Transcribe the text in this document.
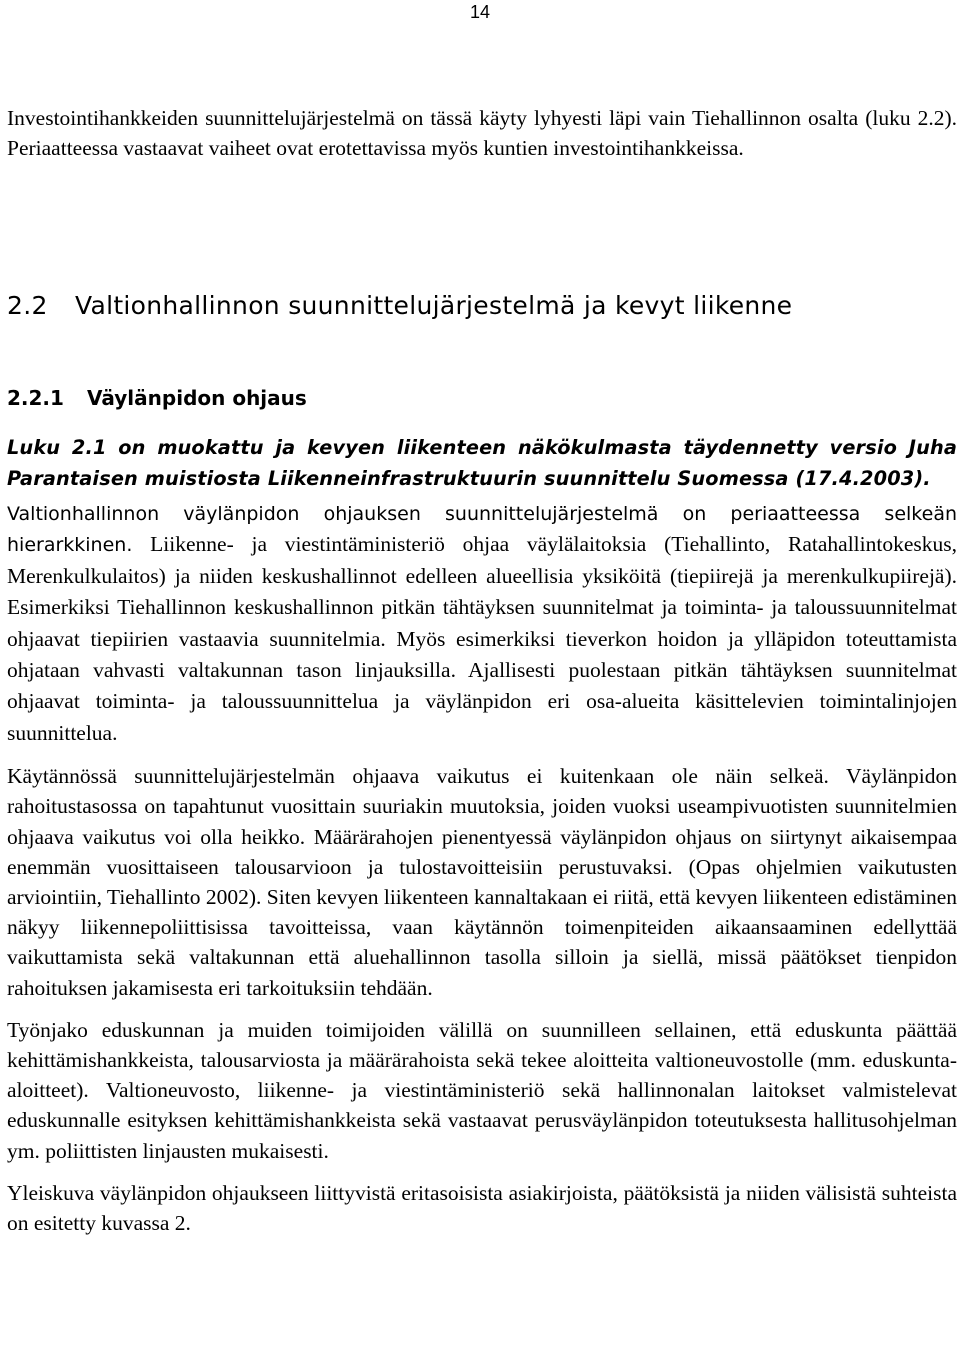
14

Investointihankkeiden suunnittelujärjestelmä on tässä käyty lyhyesti läpi vain Tiehallinnon osalta (luku 2.2). Periaatteessa vastaavat vaiheet ovat erotettavissa myös kuntien investointihankkeissa.

2.2 Valtionhallinnon suunnittelujärjestelmä ja kevyt liikenne
2.2.1 Väylänpidon ohjaus
Luku 2.1 on muokattu ja kevyen liikenteen näkökulmasta täydennetty versio Juha Parantaisen muistiosta Liikenneinfrastruktuurin suunnittelu Suomessa (17.4.2003).

Valtionhallinnon väylänpidon ohjauksen suunnittelujärjestelmä on periaatteessa selkeän hierarkkinen. Liikenne- ja viestintäministeriö ohjaa väylälaitoksia (Tiehallinto, Ratahallintokeskus, Merenkulkulaitos) ja niiden keskushallinnot edelleen alueellisia yksiköitä (tiepiirejä ja merenkulkupiirejä). Esimerkiksi Tiehallinnon keskushallinnon pitkän tähtäyksen suunnitelmat ja toiminta- ja taloussuunnitelmat ohjaavat tiepiirien vastaavia suunnitelmia. Myös esimerkiksi tieverkon hoidon ja ylläpidon toteuttamista ohjataan vahvasti valtakunnan tason linjauksilla. Ajallisesti puolestaan pitkän tähtäyksen suunnitelmat ohjaavat toiminta- ja taloussuunnittelua ja väylänpidon eri osa-alueita käsittelevien toimintalinjojen suunnittelua.

Käytännössä suunnittelujärjestelmän ohjaava vaikutus ei kuitenkaan ole näin selkeä. Väylänpidon rahoitustasossa on tapahtunut vuosittain suuriakin muutoksia, joiden vuoksi useampivuotisten suunnitelmien ohjaava vaikutus voi olla heikko. Määrärahojen pienentyessä väylänpidon ohjaus on siirtynyt aikaisempaa enemmän vuosittaiseen talousarvioon ja tulostavoitteisiin perustuvaksi. (Opas ohjelmien vaikutusten arviointiin, Tiehallinto 2002). Siten kevyen liikenteen kannaltakaan ei riitä, että kevyen liikenteen edistäminen näkyy liikennepoliittisissa tavoitteissa, vaan käytännön toimenpiteiden aikaansaaminen edellyttää vaikuttamista sekä valtakunnan että aluehallinnon tasolla silloin ja siellä, missä päätökset tienpidon rahoituksen jakamisesta eri tarkoituksiin tehdään.

Työnjako eduskunnan ja muiden toimijoiden välillä on suunnilleen sellainen, että eduskunta päättää kehittämishankkeista, talousarviosta ja määrärahoista sekä tekee aloitteita valtioneuvostolle (mm. eduskunta-aloitteet). Valtioneuvosto, liikenne- ja viestintäministeriö sekä hallinnonalan laitokset valmistelevat eduskunnalle esityksen kehittämishankkeista sekä vastaavat perusväylänpidon toteutuksesta hallitusohjelman ym. poliittisten linjausten mukaisesti.

Yleiskuva väylänpidon ohjaukseen liittyvistä eritasoisista asiakirjoista, päätöksistä ja niiden välisistä suhteista on esitetty kuvassa 2.
